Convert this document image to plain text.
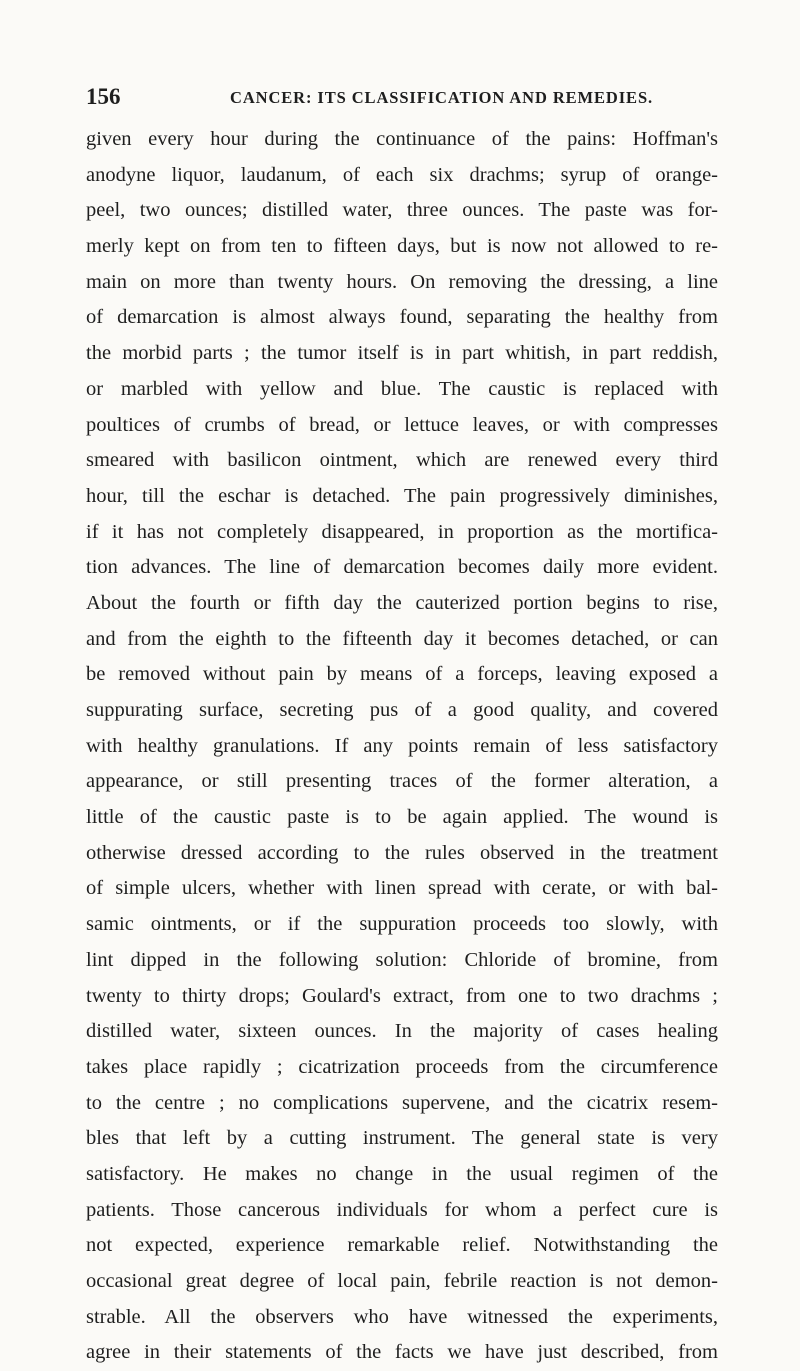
156	CANCER: ITS CLASSIFICATION AND REMEDIES.
given every hour during the continuance of the pains: Hoffman's
anodyne liquor, laudanum, of each six drachms; syrup of orange-
peel, two ounces; distilled water, three ounces. The paste was for-
merly kept on from ten to fifteen days, but is now not allowed to re-
main on more than twenty hours. On removing the dressing, a line
of demarcation is almost always found, separating the healthy from
the morbid parts ; the tumor itself is in part whitish, in part reddish,
or marbled with yellow and blue. The caustic is replaced with
poultices of crumbs of bread, or lettuce leaves, or with compresses
smeared with basilicon ointment, which are renewed every third
hour, till the eschar is detached. The pain progressively diminishes,
if it has not completely disappeared, in proportion as the mortifica-
tion advances. The line of demarcation becomes daily more evident.
About the fourth or fifth day the cauterized portion begins to rise,
and from the eighth to the fifteenth day it becomes detached, or can
be removed without pain by means of a forceps, leaving exposed a
suppurating surface, secreting pus of a good quality, and covered
with healthy granulations. If any points remain of less satisfactory
appearance, or still presenting traces of the former alteration, a
little of the caustic paste is to be again applied. The wound is
otherwise dressed according to the rules observed in the treatment
of simple ulcers, whether with linen spread with cerate, or with bal-
samic ointments, or if the suppuration proceeds too slowly, with
lint dipped in the following solution: Chloride of bromine, from
twenty to thirty drops; Goulard's extract, from one to two drachms ;
distilled water, sixteen ounces. In the majority of cases healing
takes place rapidly ; cicatrization proceeds from the circumference
to the centre ; no complications supervene, and the cicatrix resem-
bles that left by a cutting instrument. The general state is very
satisfactory. He makes no change in the usual regimen of the
patients. Those cancerous individuals for whom a perfect cure is
not expected, experience remarkable relief. Notwithstanding the
occasional great degree of local pain, febrile reaction is not demon-
strable. All the observers who have witnessed the experiments,
agree in their statements of the facts we have just described, from
